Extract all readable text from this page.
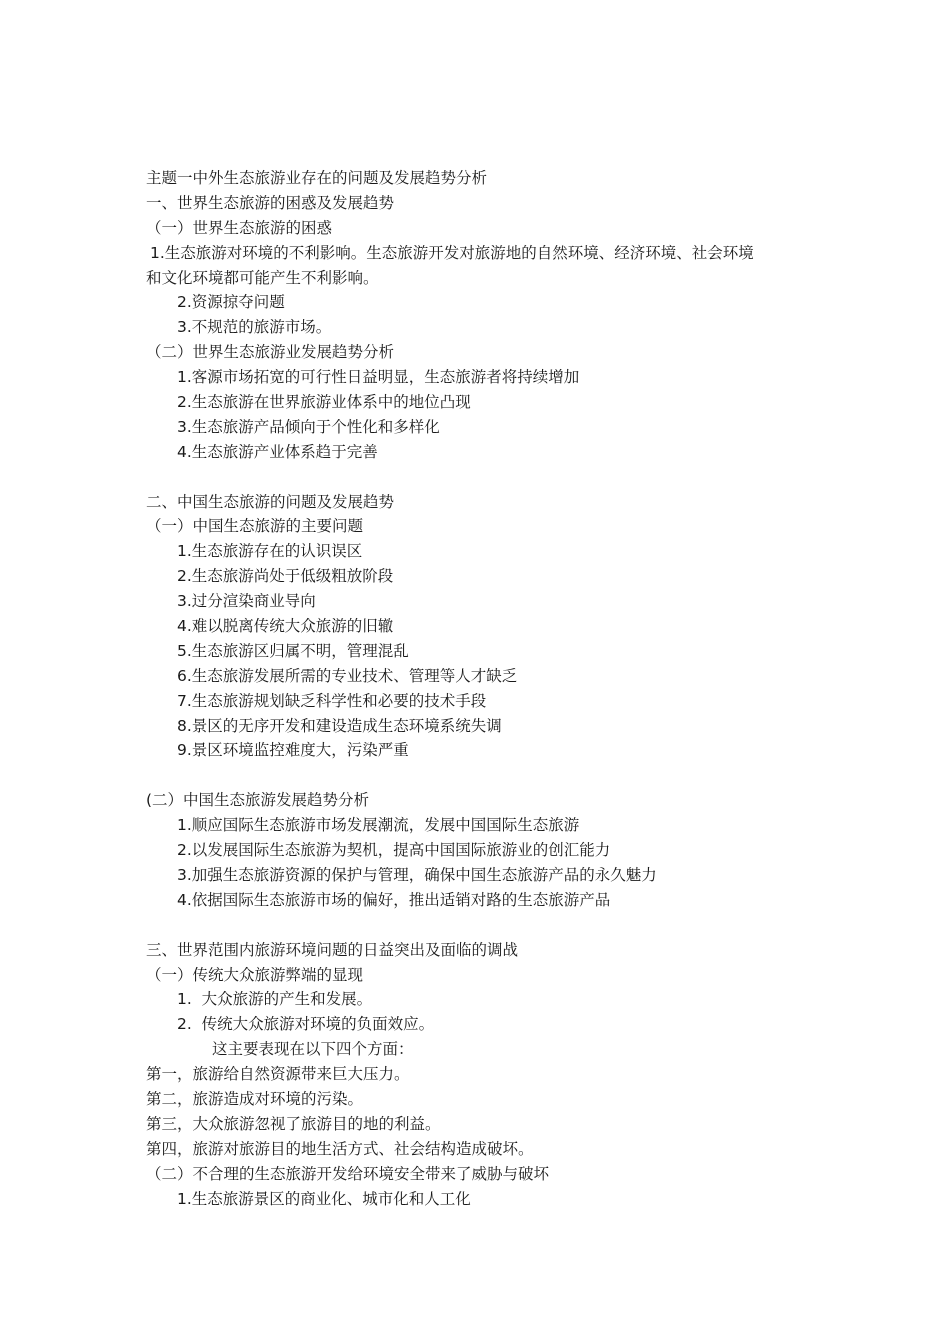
主题一中外生态旅游业存在的问题及发展趋势分析
一、世界生态旅游的困惑及发展趋势
（一）世界生态旅游的困惑
1.生态旅游对环境的不利影响。生态旅游开发对旅游地的自然环境、经济环境、社会环境
和文化环境都可能产生不利影响。
2.资源掠夺问题
3.不规范的旅游市场。
（二）世界生态旅游业发展趋势分析
1.客源市场拓宽的可行性日益明显，生态旅游者将持续增加
2.生态旅游在世界旅游业体系中的地位凸现
3.生态旅游产品倾向于个性化和多样化
4.生态旅游产业体系趋于完善
二、中国生态旅游的问题及发展趋势
（一）中国生态旅游的主要问题
1.生态旅游存在的认识误区
2.生态旅游尚处于低级粗放阶段
3.过分渲染商业导向
4.难以脱离传统大众旅游的旧辙
5.生态旅游区归属不明，管理混乱
6.生态旅游发展所需的专业技术、管理等人才缺乏
7.生态旅游规划缺乏科学性和必要的技术手段
8.景区的无序开发和建设造成生态环境系统失调
9.景区环境监控难度大，污染严重
(二）中国生态旅游发展趋势分析
1.顺应国际生态旅游市场发展潮流，发展中国国际生态旅游
2.以发展国际生态旅游为契机，提高中国国际旅游业的创汇能力
3.加强生态旅游资源的保护与管理，确保中国生态旅游产品的永久魅力
4.依据国际生态旅游市场的偏好，推出适销对路的生态旅游产品
三、世界范围内旅游环境问题的日益突出及面临的调战
（一）传统大众旅游弊端的显现
1.  大众旅游的产生和发展。
2.  传统大众旅游对环境的负面效应。
这主要表现在以下四个方面：
第一，旅游给自然资源带来巨大压力。
第二，旅游造成对环境的污染。
第三，大众旅游忽视了旅游目的地的利益。
第四，旅游对旅游目的地生活方式、社会结构造成破坏。
（二）不合理的生态旅游开发给环境安全带来了威胁与破坏
1.生态旅游景区的商业化、城市化和人工化
